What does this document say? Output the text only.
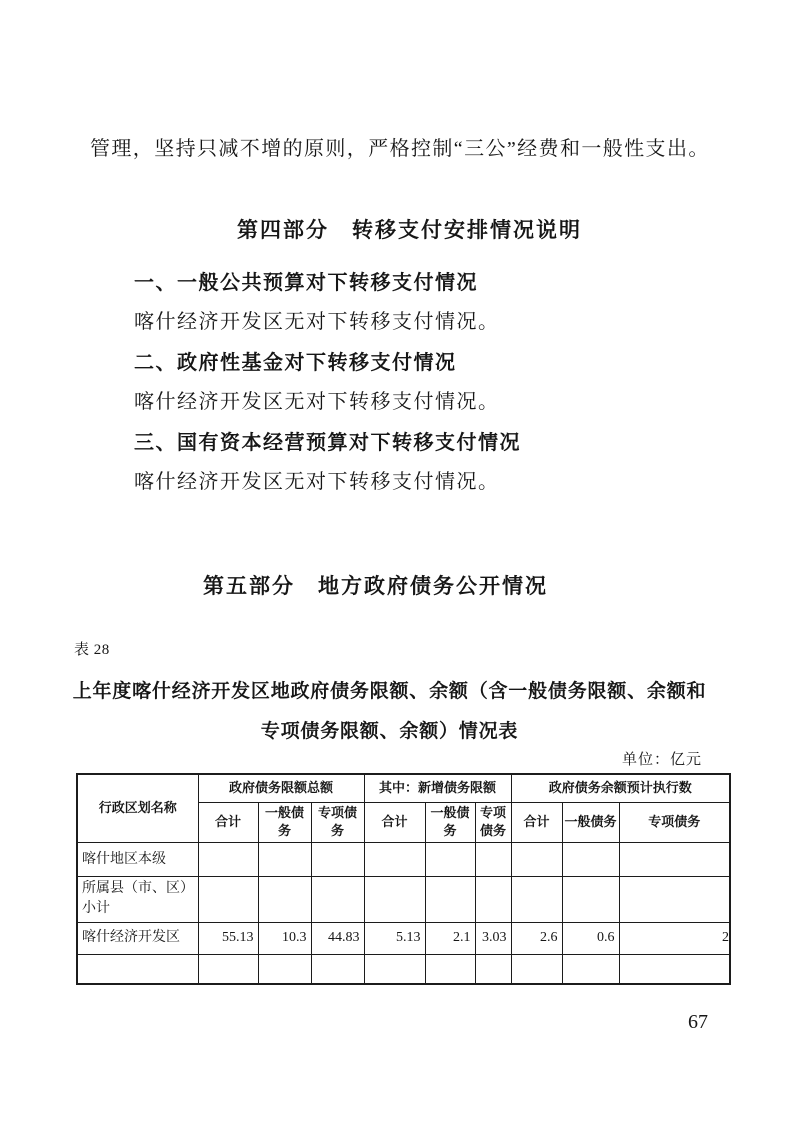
管理，坚持只减不增的原则，严格控制“三公”经费和一般性支出。

第四部分　转移支付安排情况说明
一、一般公共预算对下转移支付情况

喀什经济开发区无对下转移支付情况。

二、政府性基金对下转移支付情况

喀什经济开发区无对下转移支付情况。

三、国有资本经营预算对下转移支付情况

喀什经济开发区无对下转移支付情况。

第五部分　地方政府债务公开情况
表 28
上年度喀什经济开发区地政府债务限额、余额（含一般债务限额、余额和
专项债务限额、余额）情况表
单位：亿元
行政区划名称	政府债务限额总额			其中：新增债务限额			政府债务余额预计执行数		
	合计	一般债务	专项债务	合计	一般债务	专项债务	合计	一般债务	专项债务
喀什地区本级									
所属县（市、区）小计									
喀什经济开发区	55.13	10.3	44.83	5.13	2.1	3.03	2.6	0.6	2

67
